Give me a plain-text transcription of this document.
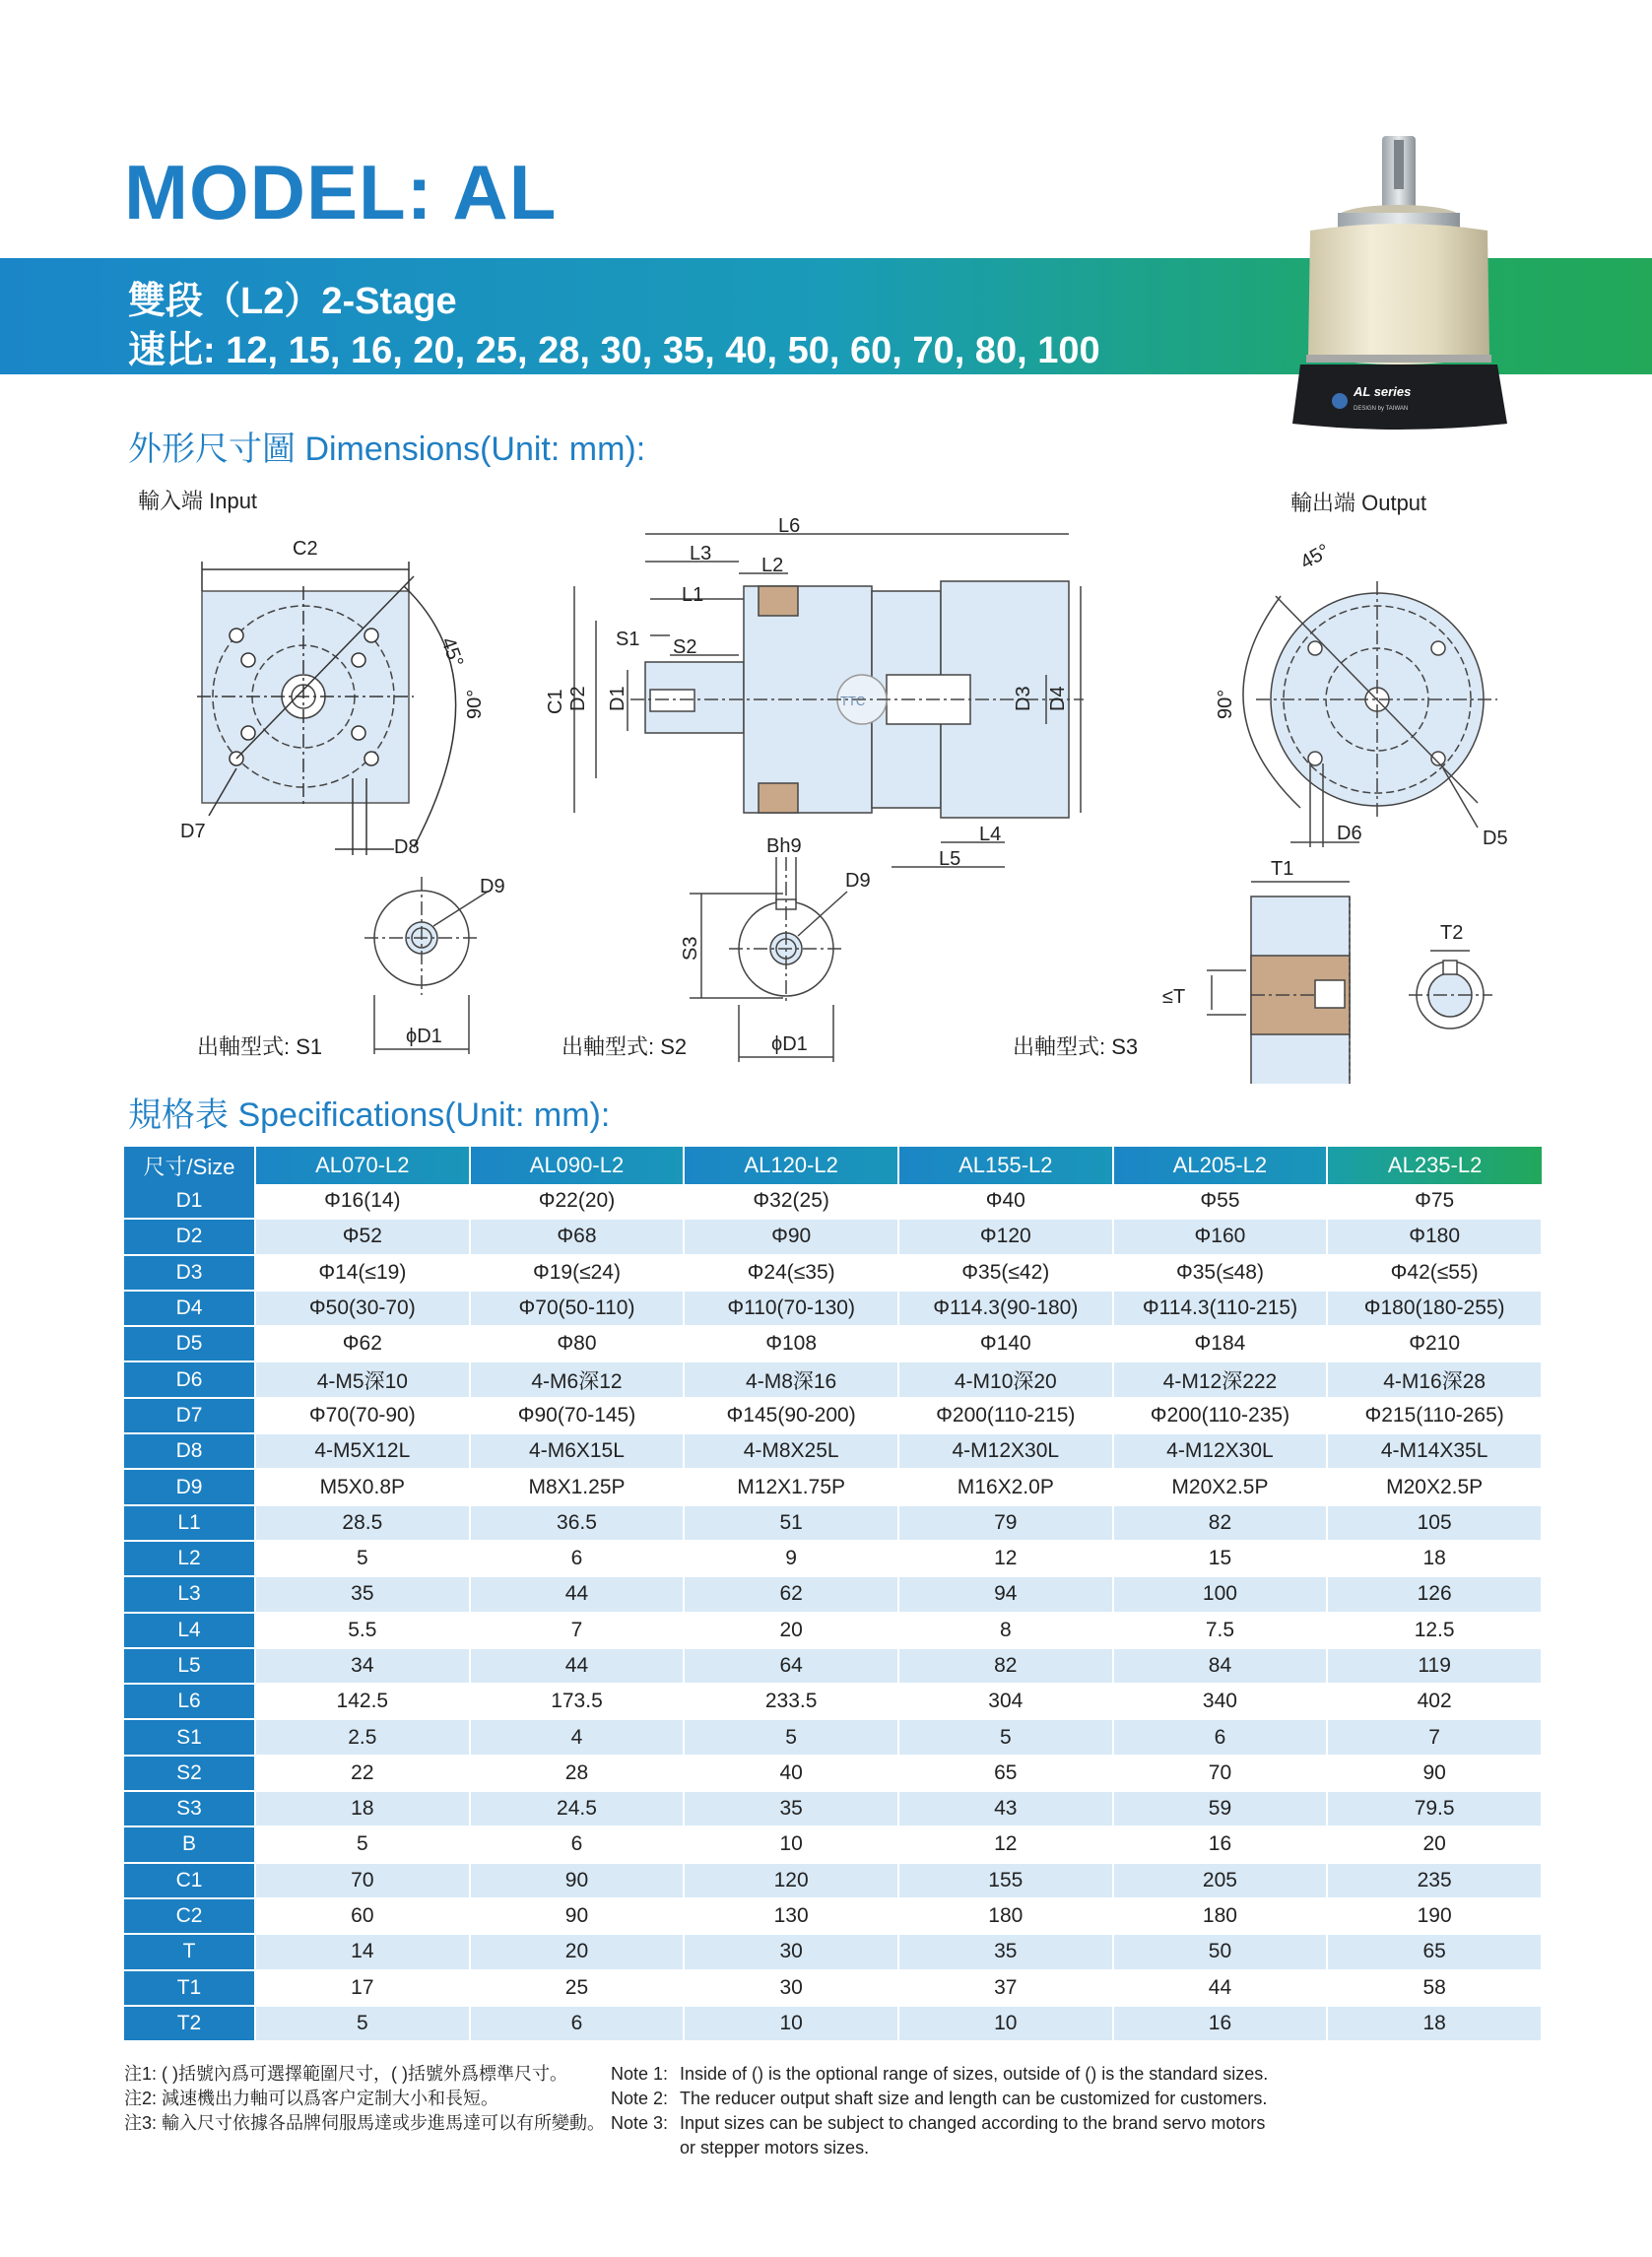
MODEL: AL
雙段（L2）2-Stage
速比: 12, 15, 16, 20, 25, 28, 30, 35, 40, 50, 60, 70, 80, 100
AL series
DESIGN by TAIWAN
外形尺寸圖 Dimensions(Unit: mm):
輸入端 Input	輸出端 Output
C2
45°
90°
D7
D8
L6
L3
L2
L1
S1 S2
C1 D2 D1	D3 D4
L4
L5
TTC
45°
90°
D6	D5
D9
ϕD1
Bh9
D9
S3
ϕD1
T1
T2
≤T
出軸型式: S1	出軸型式: S2	出軸型式: S3
規格表 Specifications(Unit: mm):
尺寸/Size	AL070-L2	AL090-L2	AL120-L2	AL155-L2	AL205-L2	AL235-L2
D1	Φ16(14)	Φ22(20)	Φ32(25)	Φ40	Φ55	Φ75
D2	Φ52	Φ68	Φ90	Φ120	Φ160	Φ180
D3	Φ14(≤19)	Φ19(≤24)	Φ24(≤35)	Φ35(≤42)	Φ35(≤48)	Φ42(≤55)
D4	Φ50(30-70)	Φ70(50-110)	Φ110(70-130)	Φ114.3(90-180)	Φ114.3(110-215)	Φ180(180-255)
D5	Φ62	Φ80	Φ108	Φ140	Φ184	Φ210
D6	4-M5深10	4-M6深12	4-M8深16	4-M10深20	4-M12深222	4-M16深28
D7	Φ70(70-90)	Φ90(70-145)	Φ145(90-200)	Φ200(110-215)	Φ200(110-235)	Φ215(110-265)
D8	4-M5X12L	4-M6X15L	4-M8X25L	4-M12X30L	4-M12X30L	4-M14X35L
D9	M5X0.8P	M8X1.25P	M12X1.75P	M16X2.0P	M20X2.5P	M20X2.5P
L1	28.5	36.5	51	79	82	105
L2	5	6	9	12	15	18
L3	35	44	62	94	100	126
L4	5.5	7	20	8	7.5	12.5
L5	34	44	64	82	84	119
L6	142.5	173.5	233.5	304	340	402
S1	2.5	4	5	5	6	7
S2	22	28	40	65	70	90
S3	18	24.5	35	43	59	79.5
B	5	6	10	12	16	20
C1	70	90	120	155	205	235
C2	60	90	130	180	180	190
T	14	20	30	35	50	65
T1	17	25	30	37	44	58
T2	5	6	10	10	16	18
注1: ( )括號內爲可選擇範圍尺寸，( )括號外爲標準尺寸。
注2: 減速機出力軸可以爲客户定制大小和長短。
注3: 輸入尺寸依據各品牌伺服馬達或步進馬達可以有所變動。
Note 1: Inside of () is the optional range of sizes, outside of () is the standard sizes.
Note 2: The reducer output shaft size and length can be customized for customers.
Note 3: Input sizes can be subject to changed according to the brand servo motors
or stepper motors sizes.
